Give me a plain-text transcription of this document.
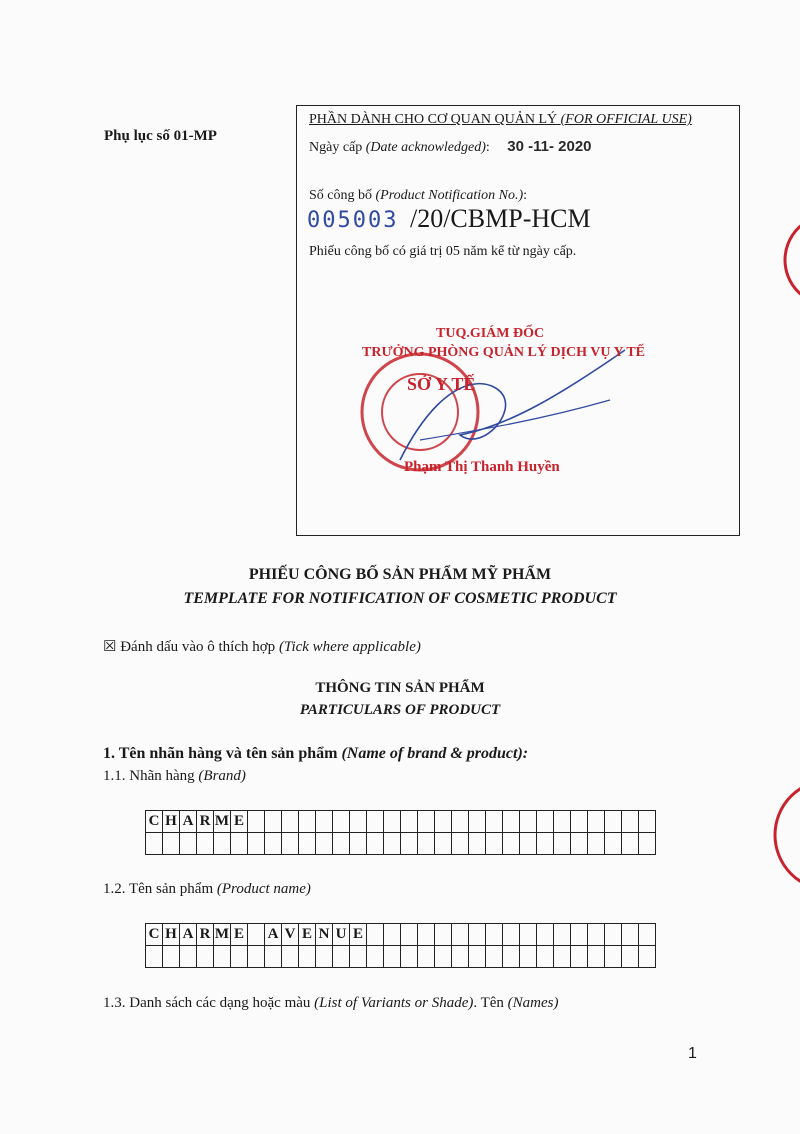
Phụ lục số 01-MP
PHẦN DÀNH CHO CƠ QUAN QUẢN LÝ (FOR OFFICIAL USE)
Ngày cấp (Date acknowledged): 30 -11- 2020
Số công bố (Product Notification No.):
005003 /20/CBMP-HCM
Phiếu công bố có giá trị 05 năm kể từ ngày cấp.
SỞ Y TẾ
TUQ.GIÁM ĐỐC
TRƯỞNG PHÒNG QUẢN LÝ DỊCH VỤ Y TẾ
Phạm Thị Thanh Huyền
PHIẾU CÔNG BỐ SẢN PHẨM MỸ PHẨM
TEMPLATE FOR NOTIFICATION OF COSMETIC PRODUCT
☒ Đánh dấu vào ô thích hợp (Tick where applicable)
THÔNG TIN SẢN PHẨM
PARTICULARS OF PRODUCT
1. Tên nhãn hàng và tên sản phẩm (Name of brand & product):
1.1. Nhãn hàng (Brand)
C	H	A	R	M	E																								

1.2. Tên sản phẩm (Product name)
C	H	A	R	M	E		A	V	E	N	U	E																	

1.3. Danh sách các dạng hoặc màu (List of Variants or Shade). Tên (Names)
1
